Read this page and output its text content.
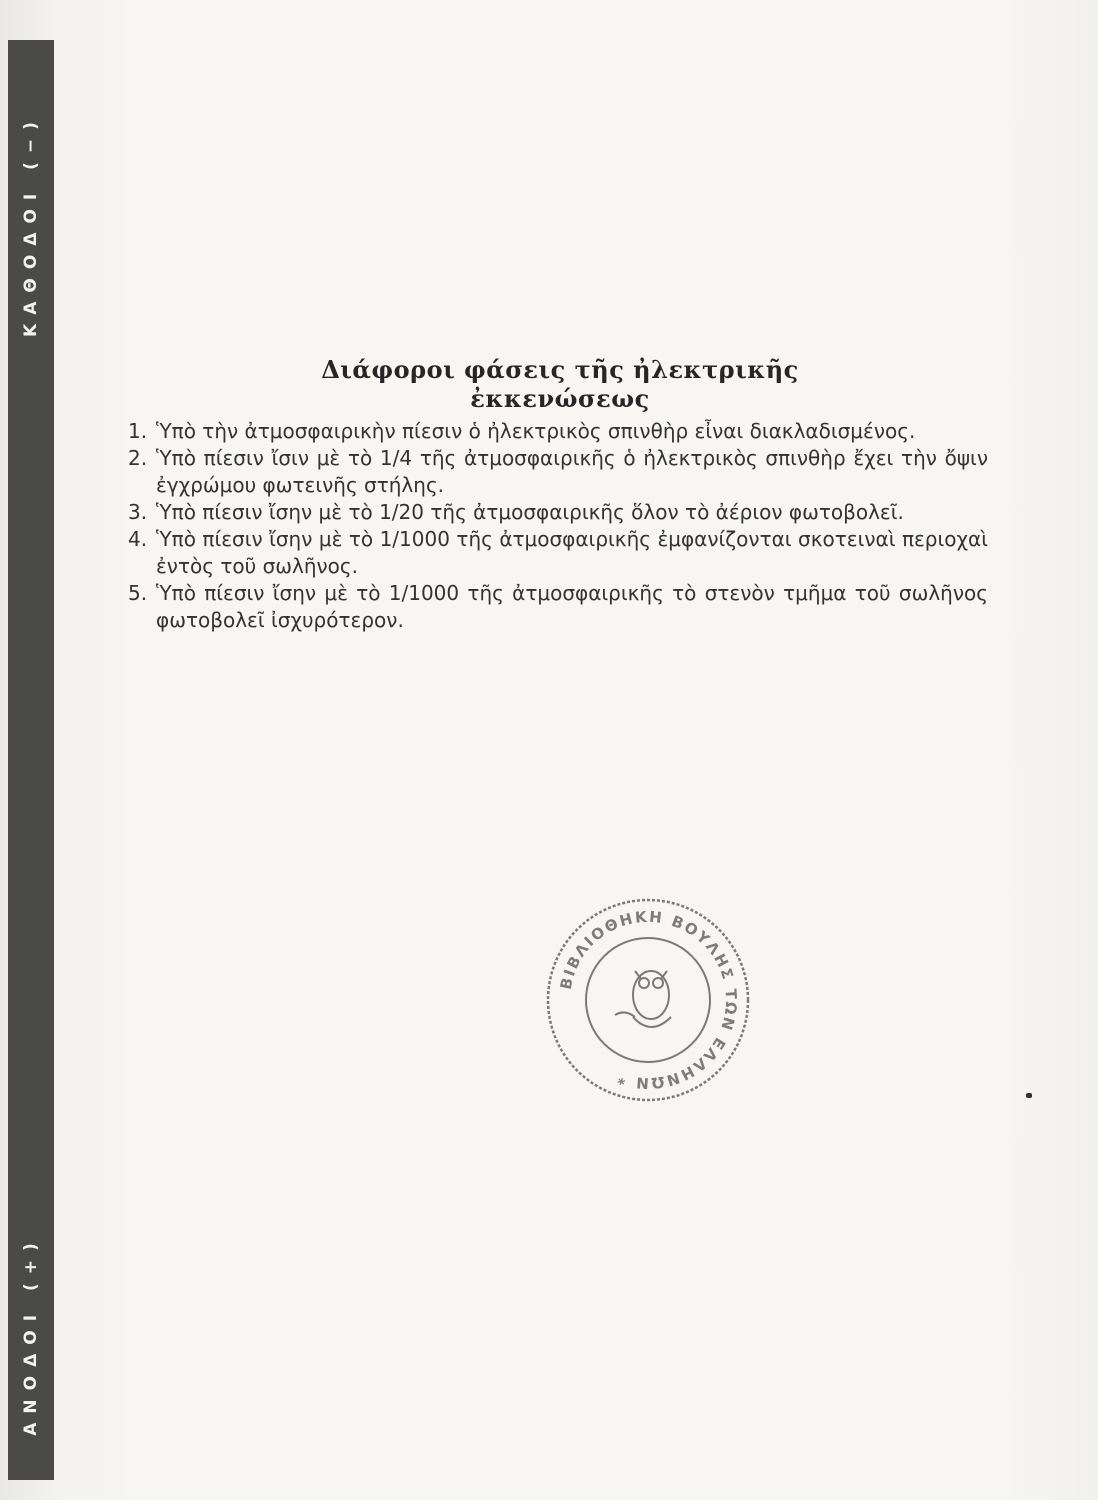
ΚΑΘΟΔΟΙ (−)
ΑΝΟΔΟΙ (+)
Διάφοροι φάσεις τῆς ἠλεκτρικῆς ἐκκενώσεως
1. Ὑπὸ τὴν ἀτμοσφαιρικὴν πίεσιν ὁ ἠλεκτρικὸς σπινθὴρ εἶναι διακλαδισμένος.
2. Ὑπὸ πίεσιν ἴσιν μὲ τὸ 1/4 τῆς ἀτμοσφαιρικῆς ὁ ἠλεκτρικὸς σπινθὴρ ἔχει τὴν ὄψιν ἐγχρώμου φωτεινῆς στήλης.
3. Ὑπὸ πίεσιν ἴσην μὲ τὸ 1/20 τῆς ἀτμοσφαιρικῆς ὅλον τὸ ἀέριον φωτοβολεῖ.
4. Ὑπὸ πίεσιν ἴσην μὲ τὸ 1/1000 τῆς ἀτμοσφαιρικῆς ἐμφανίζονται σκοτειναὶ περιοχαὶ ἐντὸς τοῦ σωλῆνος.
5. Ὑπὸ πίεσιν ἴσην μὲ τὸ 1/1000 τῆς ἀτμοσφαιρικῆς τὸ στενὸν τμῆμα τοῦ σωλῆνος φωτοβολεῖ ἰσχυρότερον.
ΒΙΒΛΙΟΘΗΚΗ ΒΟΥΛΗΣ ΤΩΝ ΕΛΛΗΝΩΝ *
